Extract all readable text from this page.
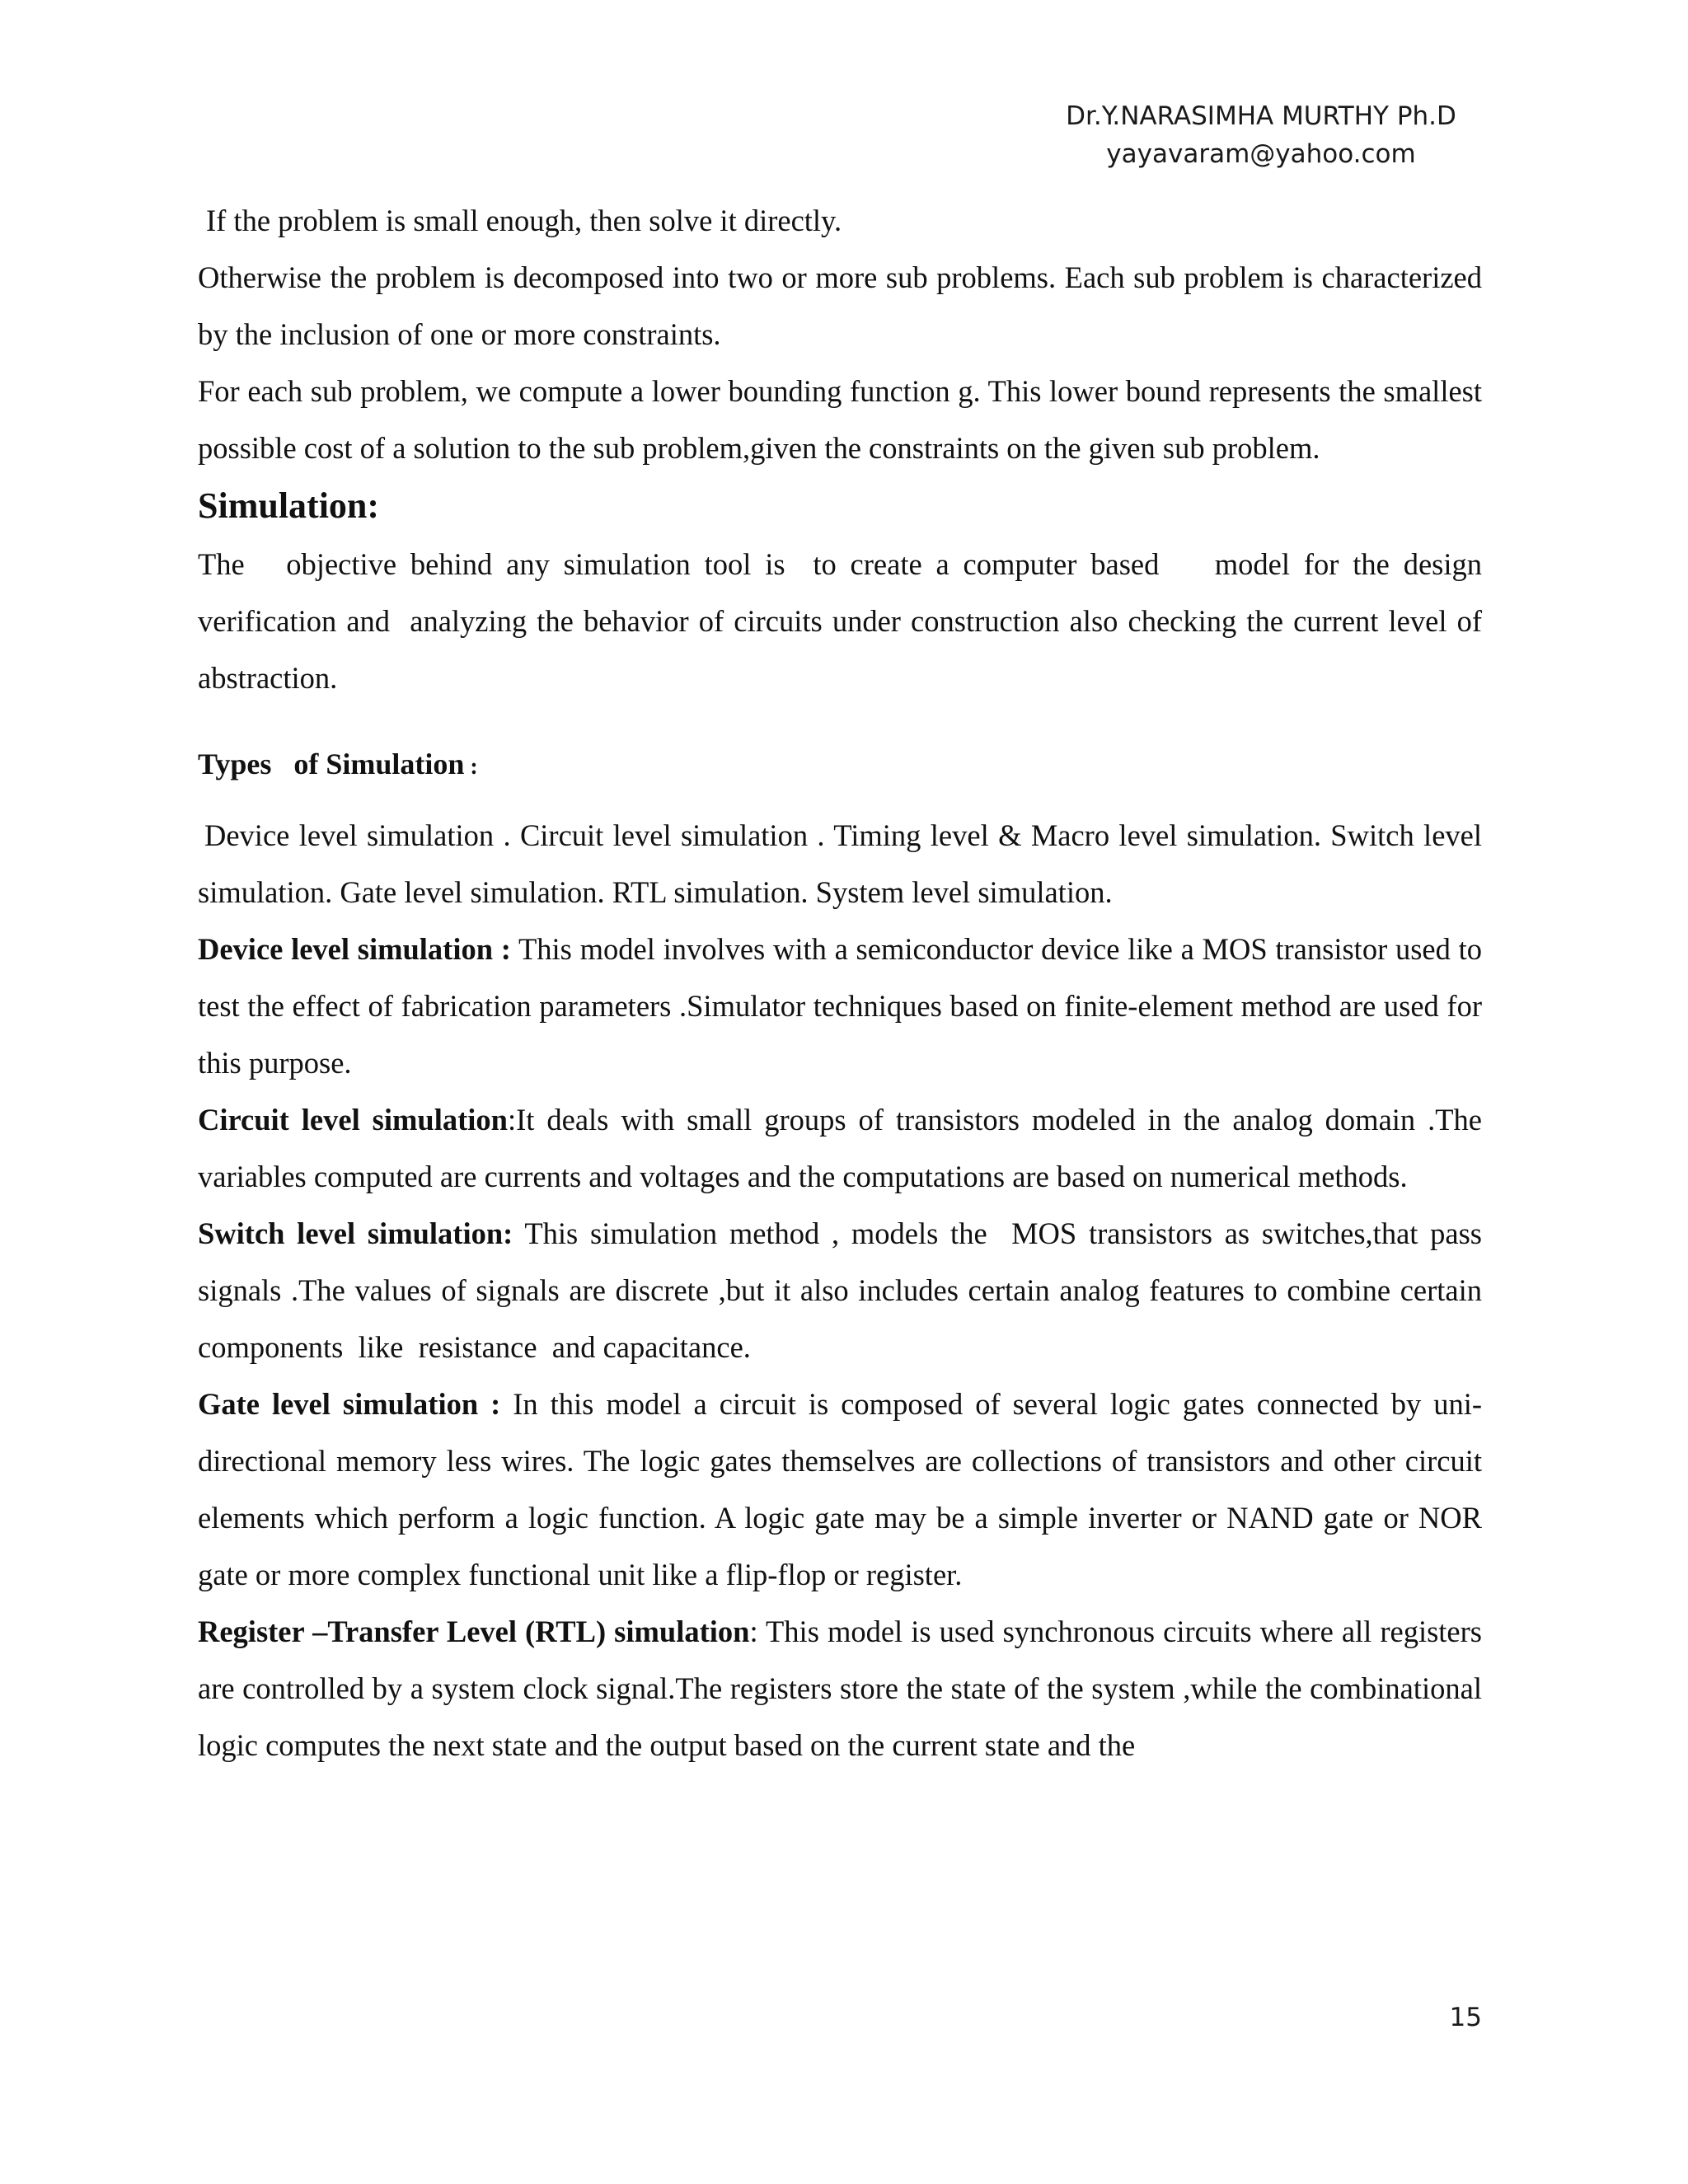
Dr.Y.NARASIMHA MURTHY Ph.D
yayavaram@yahoo.com

If the problem is small enough, then solve it directly.

Otherwise the problem is decomposed into two or more sub problems. Each sub problem is characterized by the inclusion of one or more constraints.

For each sub problem, we compute a lower bounding function g. This lower bound represents the smallest possible cost of a solution to the sub problem,given the constraints on the given sub problem.

Simulation:

The   objective behind any simulation tool is  to create a computer based    model for the design verification and  analyzing the behavior of circuits under construction also checking the current level of abstraction.

Types   of Simulation :

Device level simulation . Circuit level simulation . Timing level & Macro level simulation. Switch level simulation. Gate level simulation. RTL simulation. System level simulation.

Device level simulation : This model involves with a semiconductor device like a MOS transistor used to test the effect of fabrication parameters .Simulator techniques based on finite-element method are used for this purpose.

Circuit level simulation:It deals with small groups of transistors modeled in the analog domain .The variables computed are currents and voltages and the computations are based on numerical methods.

Switch level simulation: This simulation method , models the  MOS transistors as switches,that pass signals .The values of signals are discrete ,but it also includes certain analog features to combine certain components  like  resistance  and capacitance.

Gate level simulation : In this model a circuit is composed of several logic gates connected by uni-directional memory less wires. The logic gates themselves are collections of transistors and other circuit elements which perform a logic function. A logic gate may be a simple inverter or NAND gate or NOR gate or more complex functional unit like a flip-flop or register.

Register –Transfer Level (RTL) simulation: This model is used synchronous circuits where all registers are controlled by a system clock signal.The registers store the state of the system ,while the combinational logic computes the next state and the output based on the current state and the

15
